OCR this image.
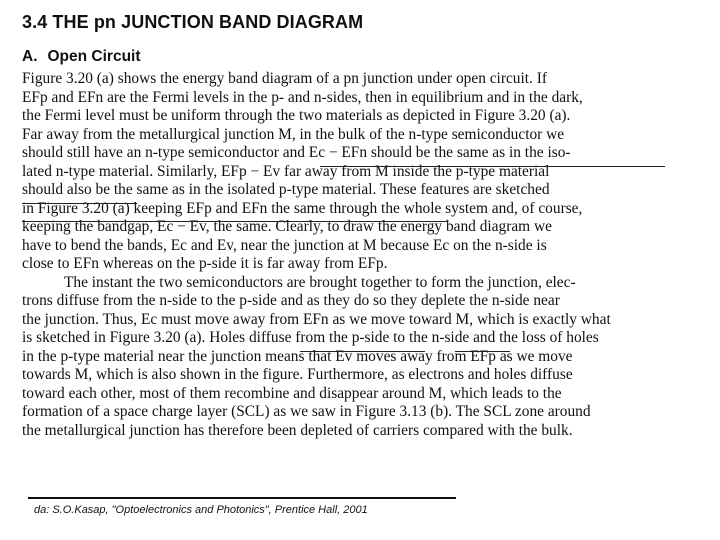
3.4 THE pn JUNCTION BAND DIAGRAM
A. Open Circuit
Figure 3.20 (a) shows the energy band diagram of a pn junction under open circuit. If
EFp and EFn are the Fermi levels in the p- and n-sides, then in equilibrium and in the dark,
the Fermi level must be uniform through the two materials as depicted in Figure 3.20 (a).
Far away from the metallurgical junction M, in the bulk of the n-type semiconductor we
should still have an n-type semiconductor and Ec − EFn should be the same as in the iso-
lated n-type material. Similarly, EFp − Ev far away from M inside the p-type material
should also be the same as in the isolated p-type material. These features are sketched
in Figure 3.20 (a) keeping EFp and EFn the same through the whole system and, of course,
keeping the bandgap, Ec − Ev, the same. Clearly, to draw the energy band diagram we
have to bend the bands, Ec and Ev, near the junction at M because Ec on the n-side is
close to EFn whereas on the p-side it is far away from EFp.
The instant the two semiconductors are brought together to form the junction, elec-
trons diffuse from the n-side to the p-side and as they do so they deplete the n-side near
the junction. Thus, Ec must move away from EFn as we move toward M, which is exactly what
is sketched in Figure 3.20 (a). Holes diffuse from the p-side to the n-side and the loss of holes
in the p-type material near the junction means that Ev moves away from EFp as we move
towards M, which is also shown in the figure. Furthermore, as electrons and holes diffuse
toward each other, most of them recombine and disappear around M, which leads to the
formation of a space charge layer (SCL) as we saw in Figure 3.13 (b). The SCL zone around
the metallurgical junction has therefore been depleted of carriers compared with the bulk.
da: S.O.Kasap, "Optoelectronics and Photonics", Prentice Hall, 2001
